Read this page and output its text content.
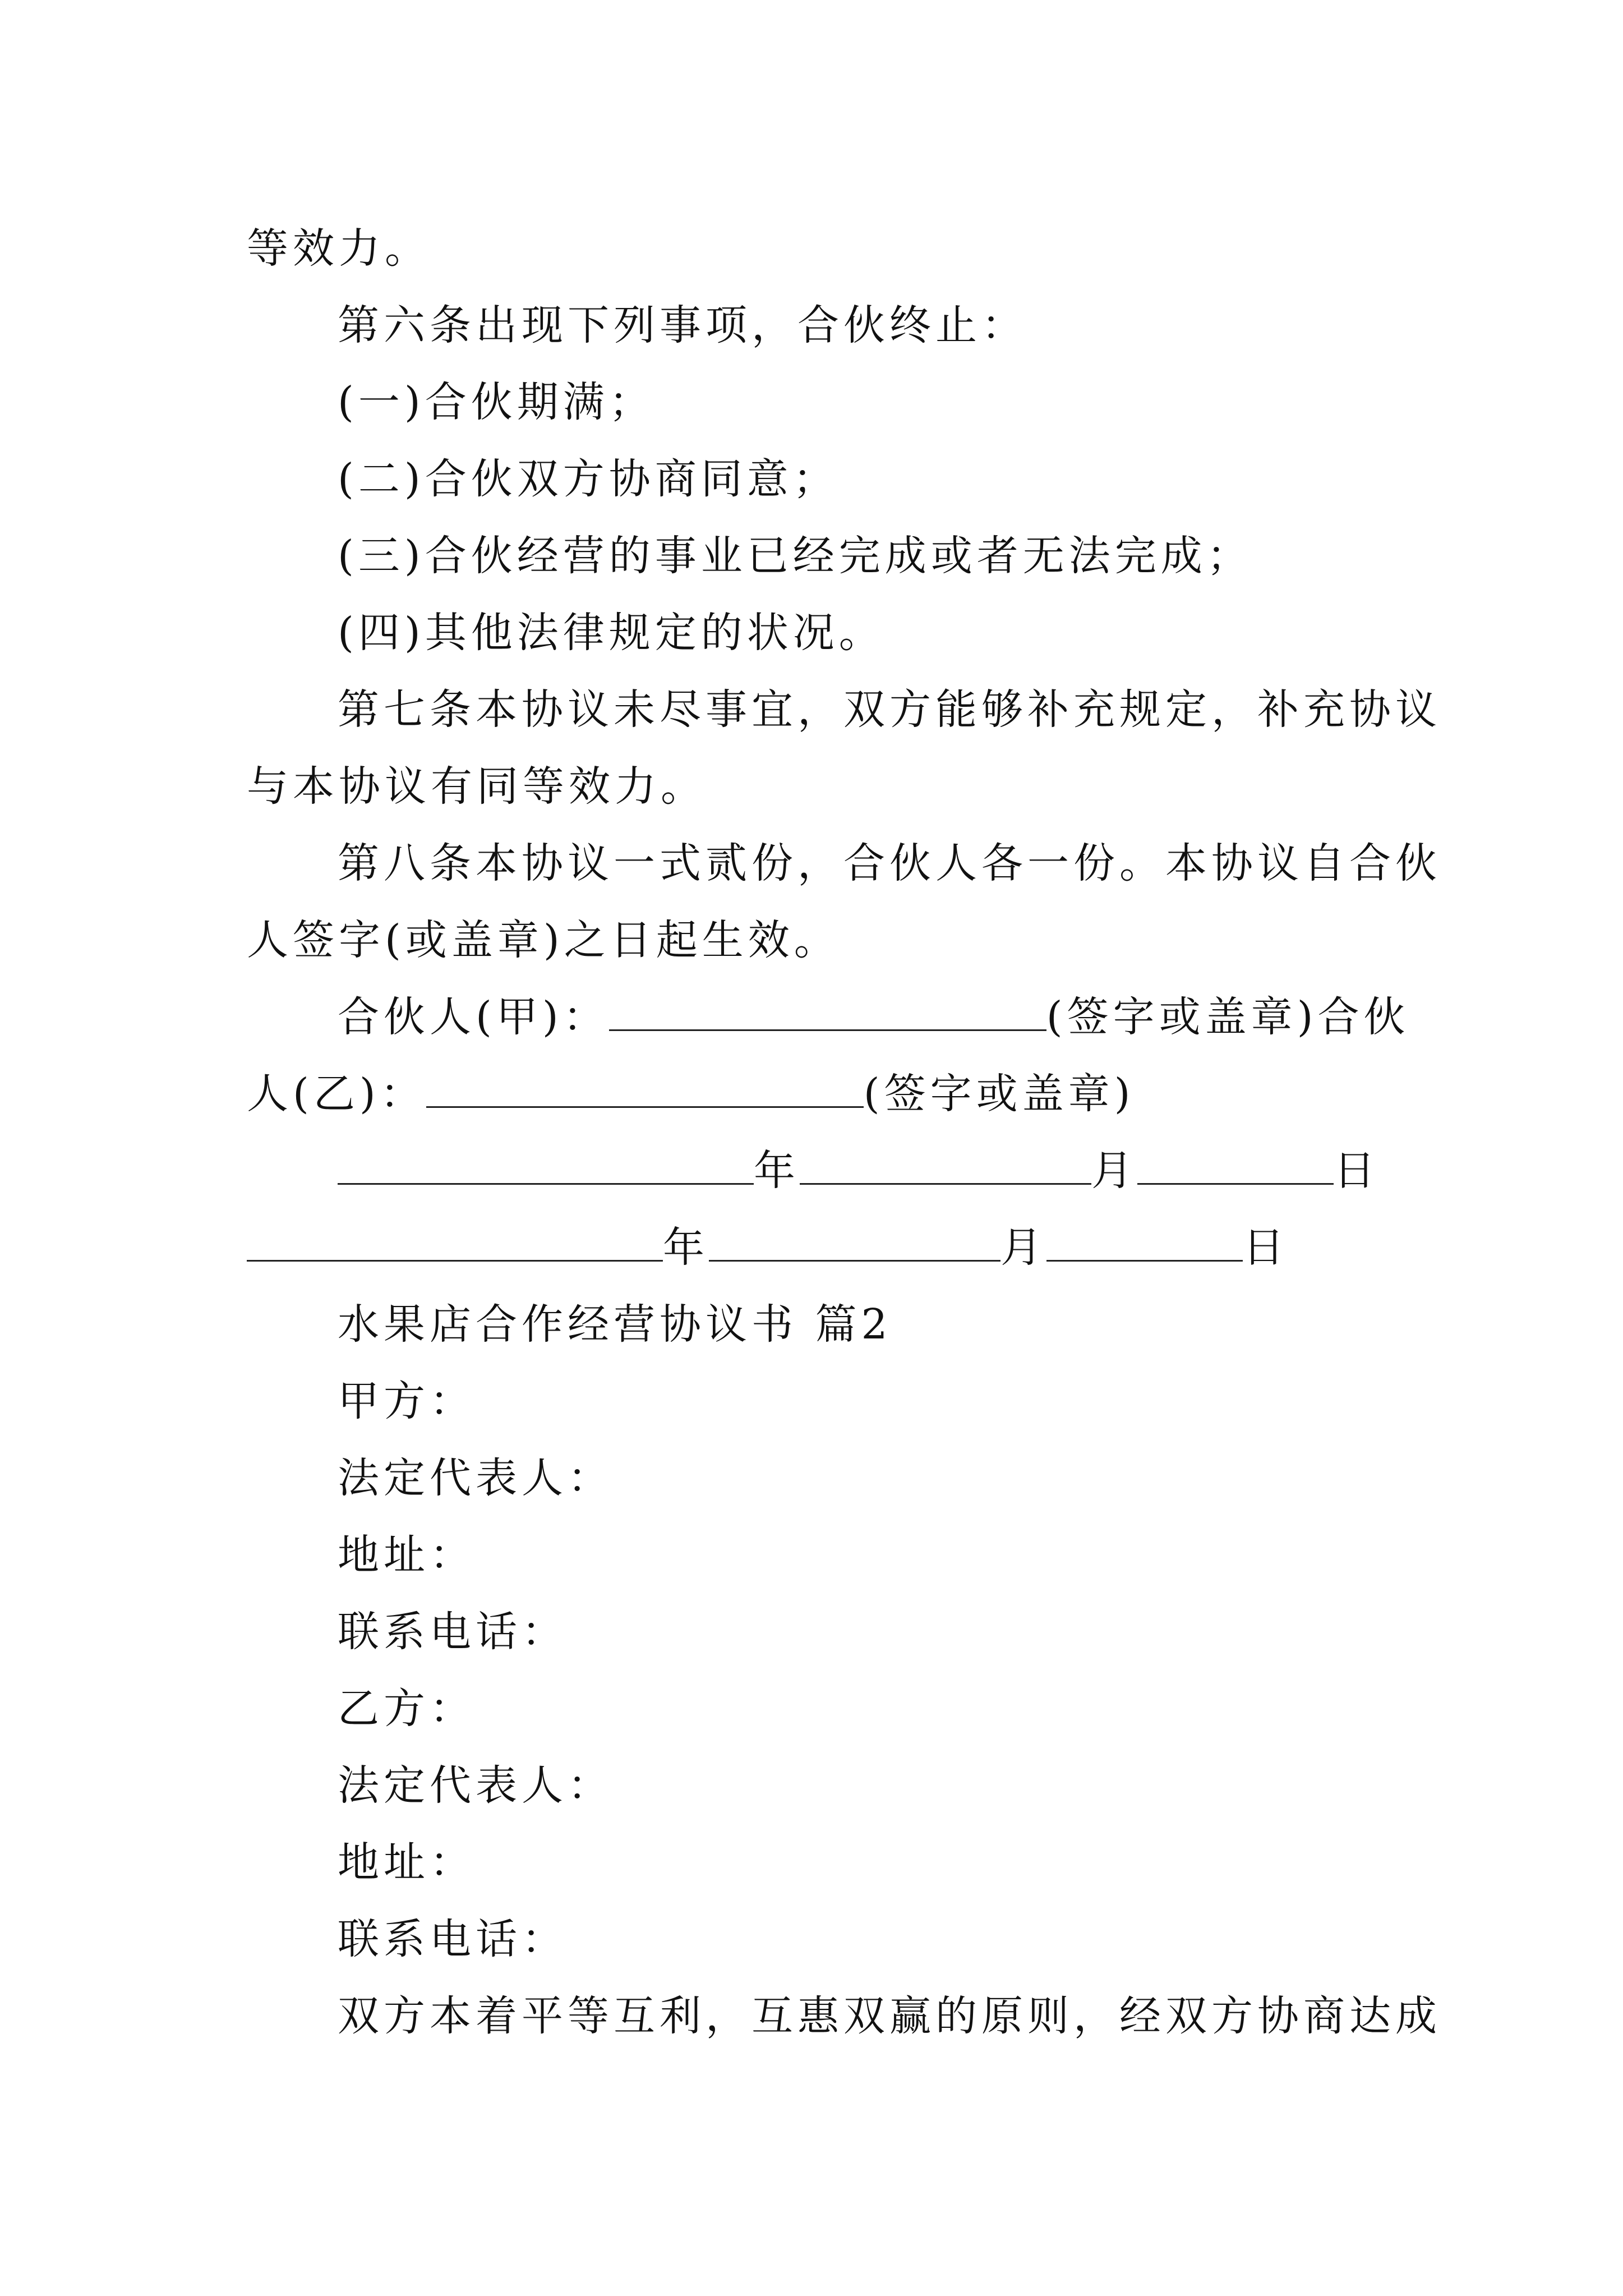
等效力。
第六条出现下列事项，合伙终止：
(一)合伙期满；
(二)合伙双方协商同意；
(三)合伙经营的事业已经完成或者无法完成；
(四)其他法律规定的状况。
第七条本协议未尽事宜，双方能够补充规定，补充协议
与本协议有同等效力。
第八条本协议一式贰份，合伙人各一份。本协议自合伙
人签字(或盖章)之日起生效。
合伙人(甲)：	(签字或盖章)合伙
人(乙)：	(签字或盖章)
年	月	日
年	月	日
水果店合作经营协议书 篇2
甲方：
法定代表人：
地址：
联系电话：
乙方：
法定代表人：
地址：
联系电话：
双方本着平等互利，互惠双赢的原则，经双方协商达成
